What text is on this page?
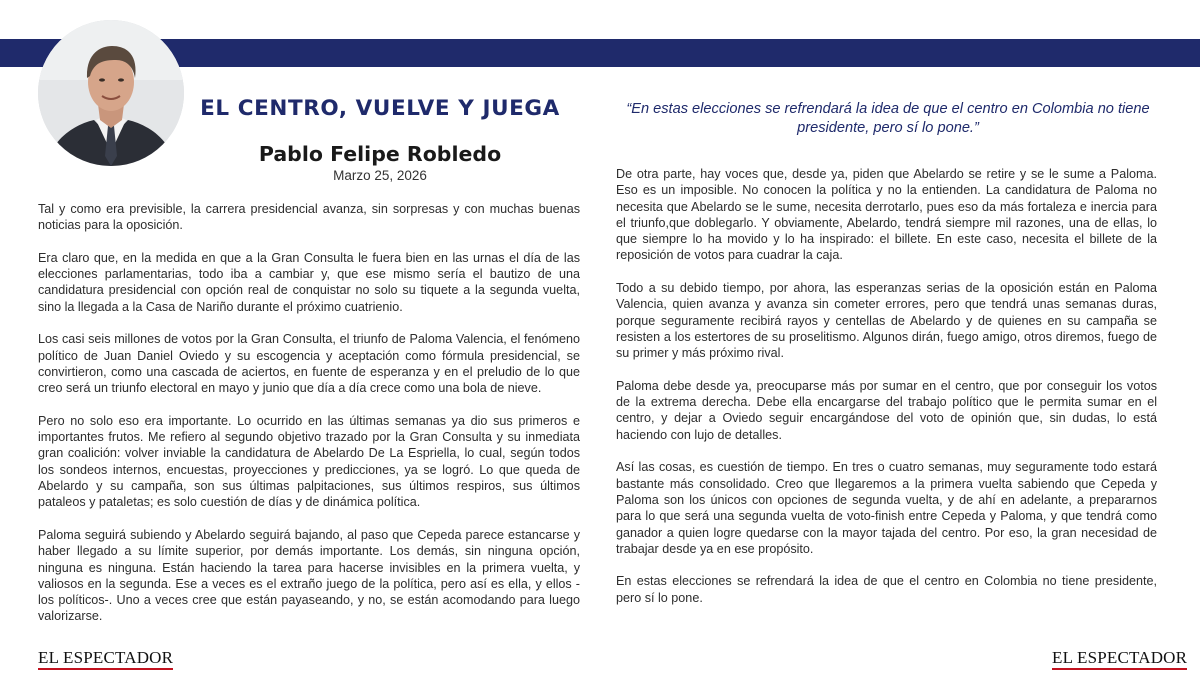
EL CENTRO, VUELVE Y JUEGA
Pablo Felipe Robledo
Marzo 25, 2026

Tal y como era previsible, la carrera presidencial avanza, sin sorpresas y con muchas buenas noticias para la oposición.

Era claro que, en la medida en que a la Gran Consulta le fuera bien en las urnas el día de las elecciones parlamentarias, todo iba a cambiar y, que ese mismo sería el bautizo de una candidatura presidencial con opción real de conquistar no solo su tiquete a la segunda vuelta, sino la llegada a la Casa de Nariño durante el próximo cuatrienio.

Los casi seis millones de votos por la Gran Consulta, el triunfo de Paloma Valencia, el fenómeno político de Juan Daniel Oviedo y su escogencia y aceptación como fórmula presidencial, se convirtieron, como una cascada de aciertos, en fuente de esperanza y en el preludio de lo que creo será un triunfo electoral en mayo y junio que día a día crece como una bola de nieve.

Pero no solo eso era importante. Lo ocurrido en las últimas semanas ya dio sus primeros e importantes frutos. Me refiero al segundo objetivo trazado por la Gran Consulta y su inmediata gran coalición: volver inviable la candidatura de Abelardo De La Espriella, lo cual, según todos los sondeos internos, encuestas, proyecciones y predicciones, ya se logró. Lo que queda de Abelardo y su campaña, son sus últimas palpitaciones, sus últimos respiros, sus últimos pataleos y pataletas; es solo cuestión de días y de dinámica política.

Paloma seguirá subiendo y Abelardo seguirá bajando, al paso que Cepeda parece estancarse y haber llegado a su límite superior, por demás importante. Los demás, sin ninguna opción, ninguna es ninguna. Están haciendo la tarea para hacerse invisibles en la primera vuelta, y valiosos en la segunda. Ese a veces es el extraño juego de la política, pero así es ella, y ellos - los políticos-. Uno a veces cree que están payaseando, y no, se están acomodando para luego valorizarse.

“En estas elecciones se refrendará la idea de que el centro en Colombia no tiene presidente, pero sí lo pone.”

De otra parte, hay voces que, desde ya, piden que Abelardo se retire y se le sume a Paloma. Eso es un imposible. No conocen la política y no la entienden. La candidatura de Paloma no necesita que Abelardo se le sume, necesita derrotarlo, pues eso da más fortaleza e inercia para el triunfo,que doblegarlo. Y obviamente, Abelardo, tendrá siempre mil razones, una de ellas, lo que siempre lo ha movido y lo ha inspirado: el billete. En este caso, necesita el billete de la reposición de votos para cuadrar la caja.

Todo a su debido tiempo, por ahora, las esperanzas serias de la oposición están en Paloma Valencia, quien avanza y avanza sin cometer errores, pero que tendrá unas semanas duras, porque seguramente recibirá rayos y centellas de Abelardo y de quienes en su campaña se resisten a los estertores de su proselitismo. Algunos dirán, fuego amigo, otros diremos, fuego de su primer y más próximo rival.

Paloma debe desde ya, preocuparse más por sumar en el centro, que por conseguir los votos de la extrema derecha. Debe ella encargarse del trabajo político que le permita sumar en el centro, y dejar a Oviedo seguir encargándose del voto de opinión que, sin dudas, lo está haciendo con lujo de detalles.

Así las cosas, es cuestión de tiempo. En tres o cuatro semanas, muy seguramente todo estará bastante más consolidado. Creo que llegaremos a la primera vuelta sabiendo que Cepeda y Paloma son los únicos con opciones de segunda vuelta, y de ahí en adelante, a prepararnos para lo que será una segunda vuelta de voto-finish entre Cepeda y Paloma, y que tendrá como ganador a quien logre quedarse con la mayor tajada del centro. Por eso, la gran necesidad de trabajar desde ya en ese propósito.

En estas elecciones se refrendará la idea de que el centro en Colombia no tiene presidente, pero sí lo pone.

EL ESPECTADOR	EL ESPECTADOR
